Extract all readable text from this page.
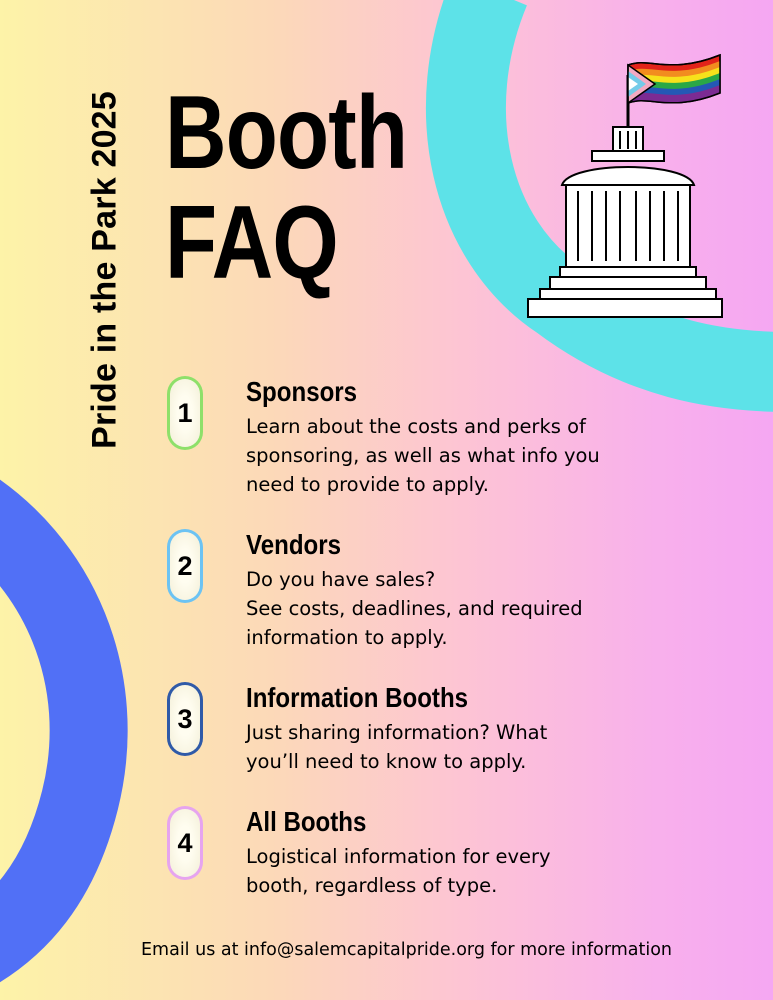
Pride in the Park 2025 Booth
FAQ
1
Sponsors
Learn about the costs and perks of
sponsoring, as well as what info you
need to provide to apply.
2
Vendors
Do you have sales?
See costs, deadlines, and required
information to apply.
3
Information Booths
Just sharing information? What
you’ll need to know to apply.
4
All Booths
Logistical information for every
booth, regardless of type.
Email us at info@salemcapitalpride.org for more information
